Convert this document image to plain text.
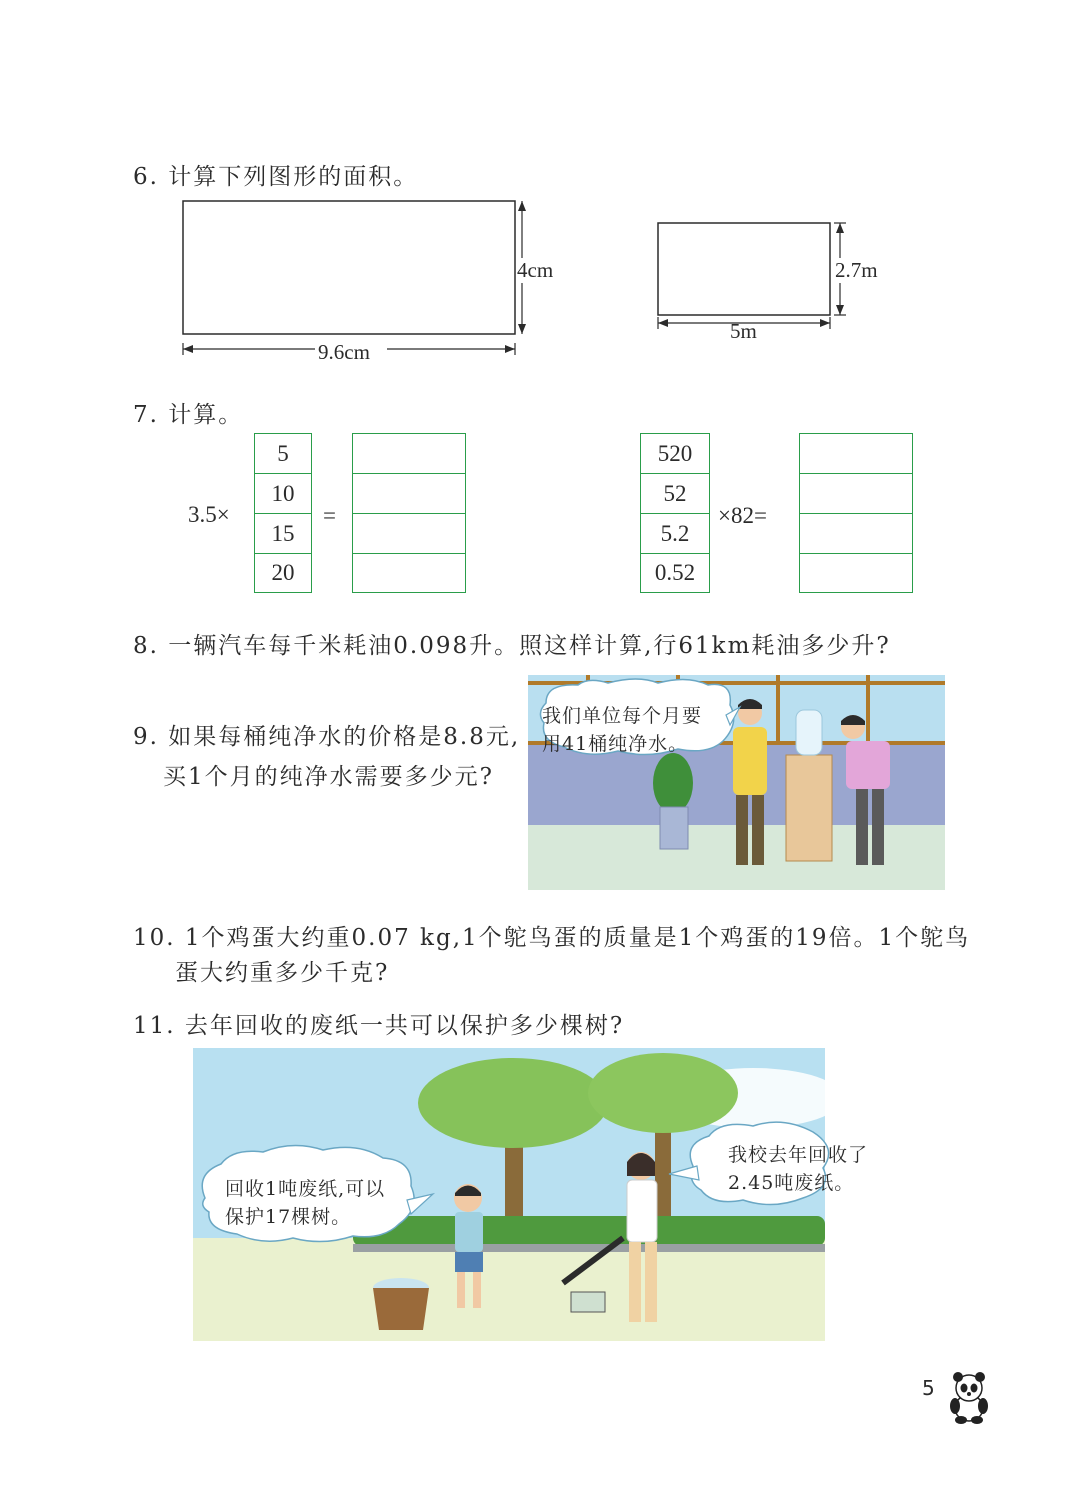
6. 计算下列图形的面积。
4cm
9.6cm
2.7m
5m
7. 计算。
3.5×
5
10
15
20
=
520
52
5.2
0.52
×82=
8. 一辆汽车每千米耗油0.098升。照这样计算,行61km耗油多少升?
9. 如果每桶纯净水的价格是8.8元,
买1个月的纯净水需要多少元?
我们单位每个月要
用41桶纯净水。
10. 1个鸡蛋大约重0.07 kg,1个鸵鸟蛋的质量是1个鸡蛋的19倍。1个鸵鸟
蛋大约重多少千克?
11. 去年回收的废纸一共可以保护多少棵树?
回收1吨废纸,可以
保护17棵树。
我校去年回收了
2.45吨废纸。
5
